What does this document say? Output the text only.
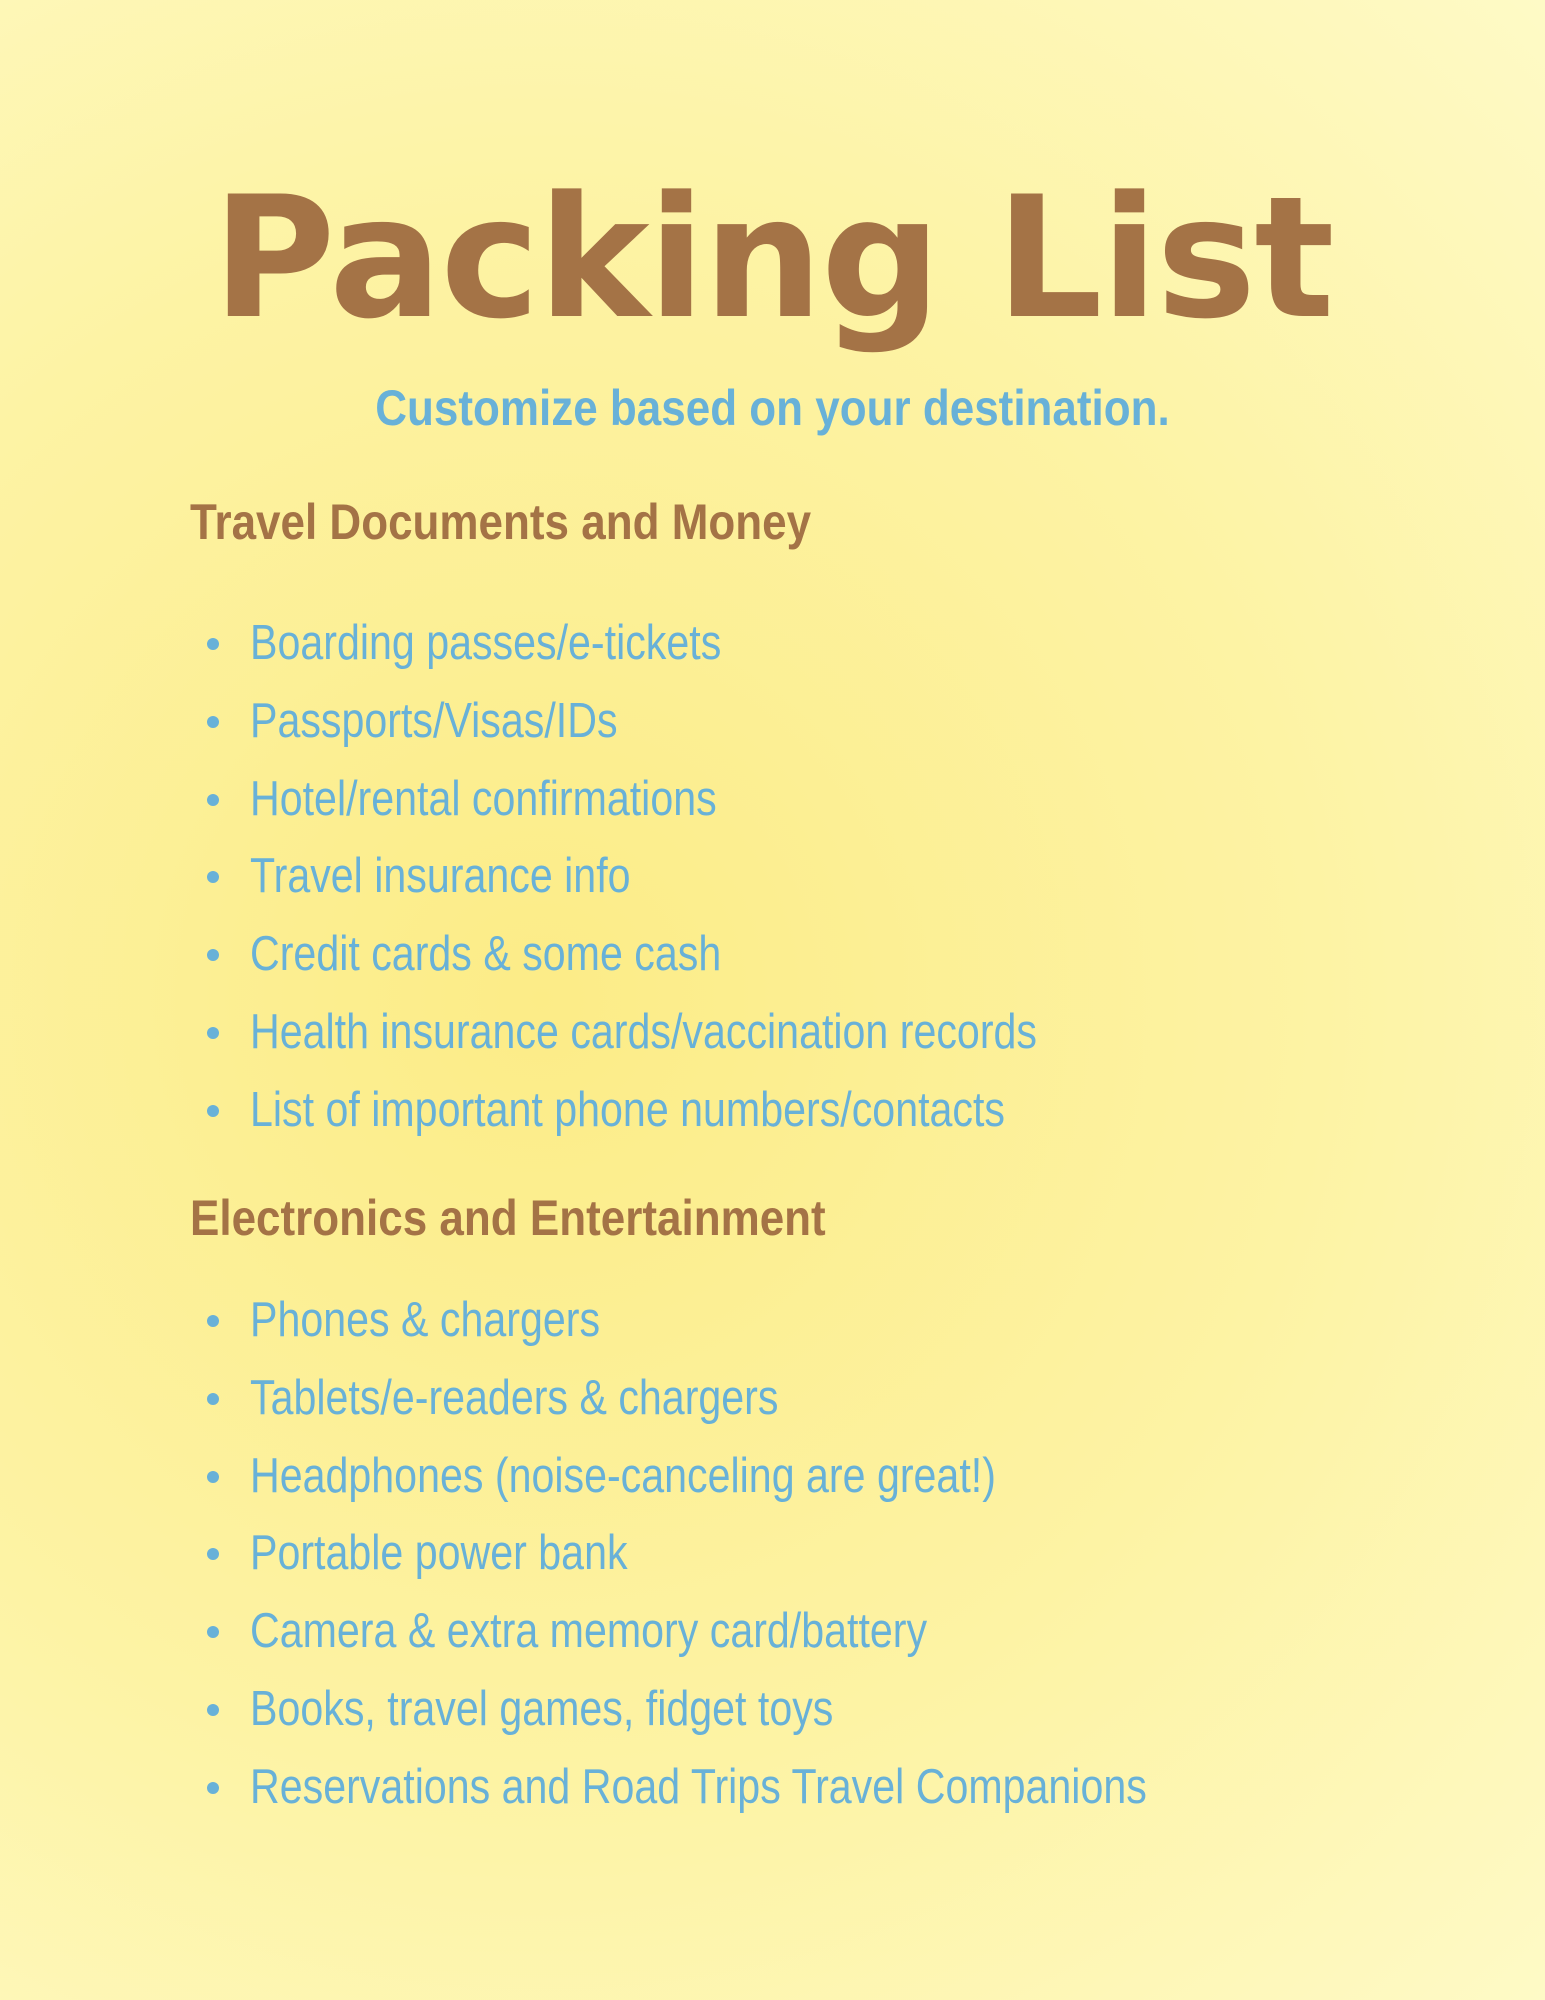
Packing List

Customize based on your destination.

Travel Documents and Money
Boarding passes/e-tickets
Passports/Visas/IDs
Hotel/rental confirmations
Travel insurance info
Credit cards & some cash
Health insurance cards/vaccination records
List of important phone numbers/contacts
Electronics and Entertainment
Phones & chargers
Tablets/e-readers & chargers
Headphones (noise-canceling are great!)
Portable power bank
Camera & extra memory card/battery
Books, travel games, fidget toys
Reservations and Road Trips Travel Companions
